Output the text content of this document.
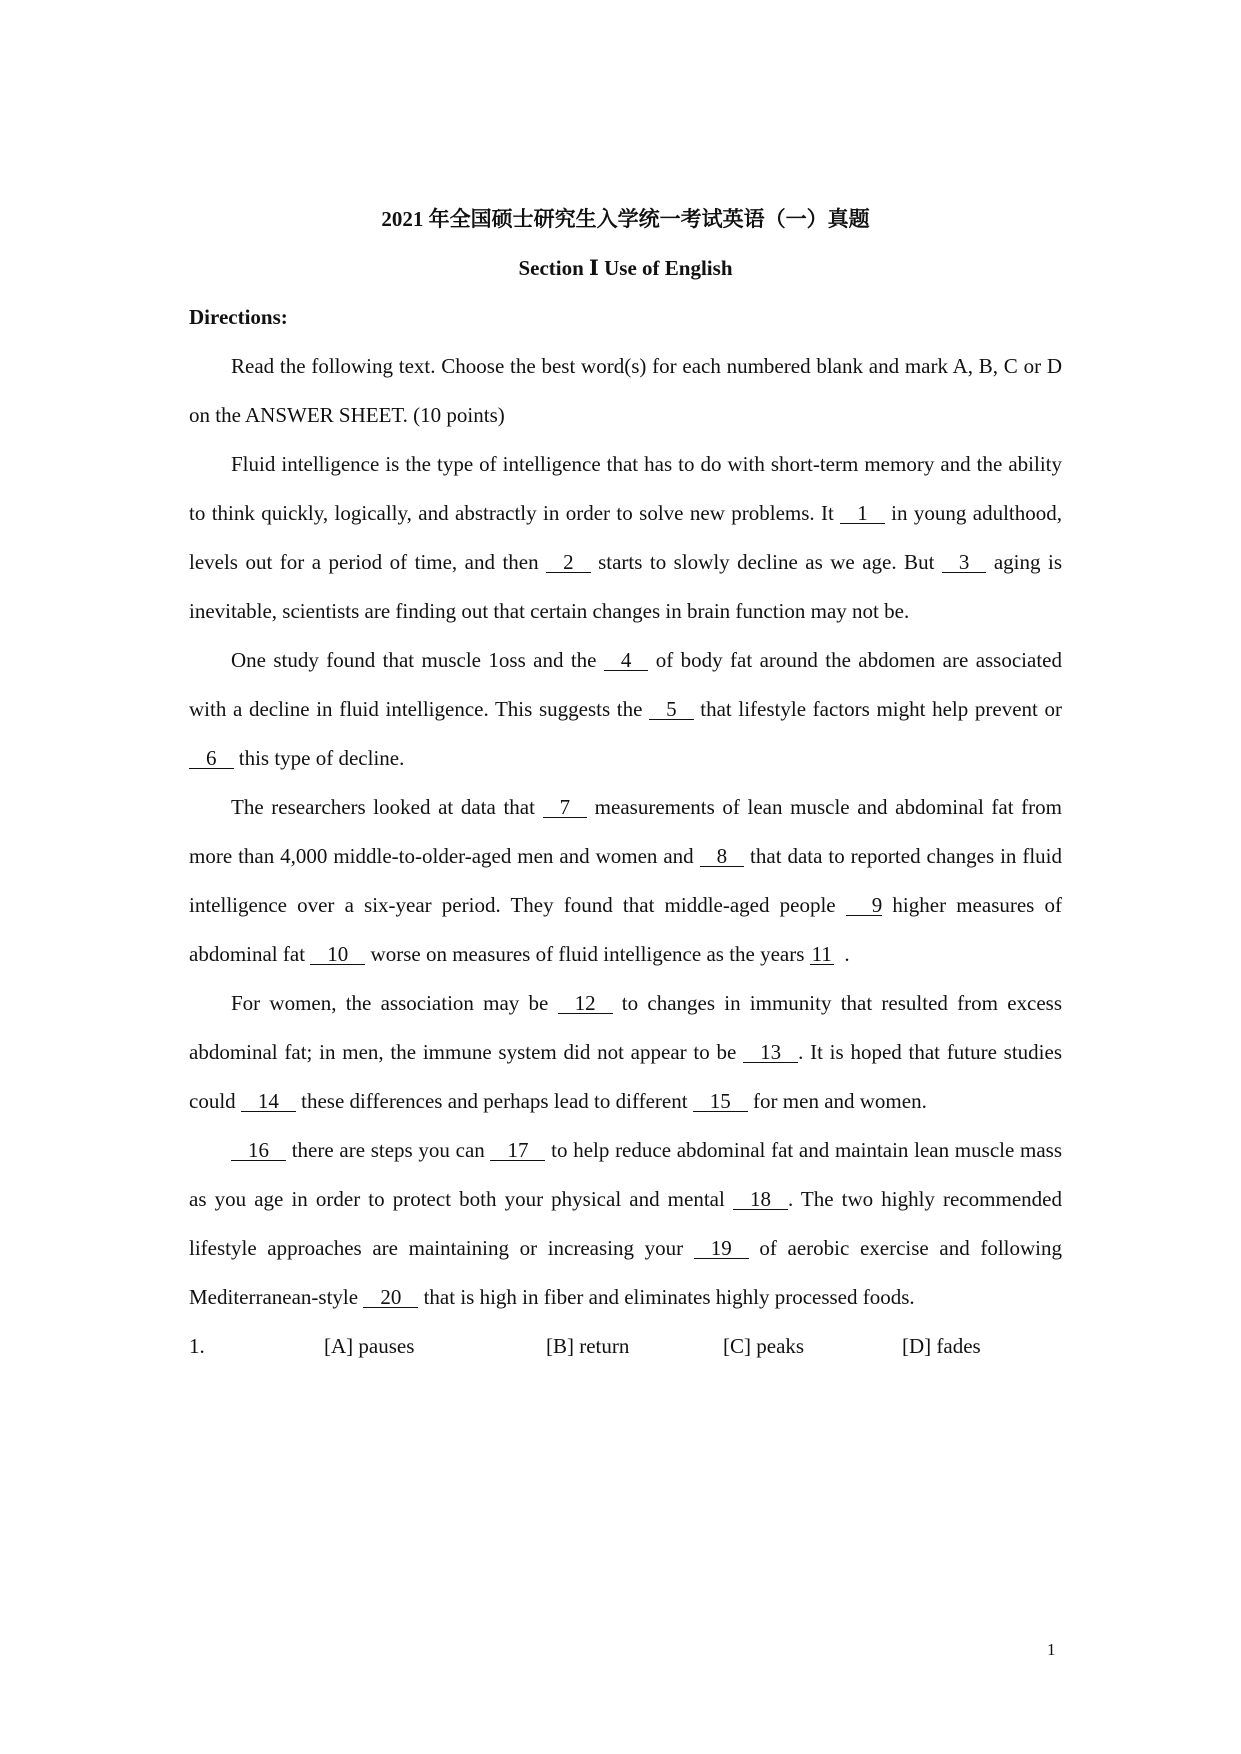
2021 年全国硕士研究生入学统一考试英语（一）真题

Section Ⅰ Use of English

Directions:

Read the following text. Choose the best word(s) for each numbered blank and mark A, B, C or D on the ANSWER SHEET. (10 points)

Fluid intelligence is the type of intelligence that has to do with short-term memory and the ability to think quickly, logically, and abstractly in order to solve new problems. It 1 in young adulthood, levels out for a period of time, and then 2 starts to slowly decline as we age. But 3 aging is inevitable, scientists are finding out that certain changes in brain function may not be.

One study found that muscle 1oss and the 4 of body fat around the abdomen are associated with a decline in fluid intelligence. This suggests the 5 that lifestyle factors might help prevent or 6 this type of decline.

The researchers looked at data that 7 measurements of lean muscle and abdominal fat from more than 4,000 middle-to-older-aged men and women and 8 that data to reported changes in fluid intelligence over a six-year period. They found that middle-aged people 9 higher measures of abdominal fat 10 worse on measures of fluid intelligence as the years 11  .

For women, the association may be 12 to changes in immunity that resulted from excess abdominal fat; in men, the immune system did not appear to be 13 . It is hoped that future studies could 14 these differences and perhaps lead to different 15 for men and women.

16 there are steps you can 17 to help reduce abdominal fat and maintain lean muscle mass as you age in order to protect both your physical and mental 18 . The two highly recommended lifestyle approaches are maintaining or increasing your 19 of aerobic exercise and following Mediterranean-style 20 that is high in fiber and eliminates highly processed foods.

1.	[A] pauses	[B] return	[C] peaks	[D] fades
1
